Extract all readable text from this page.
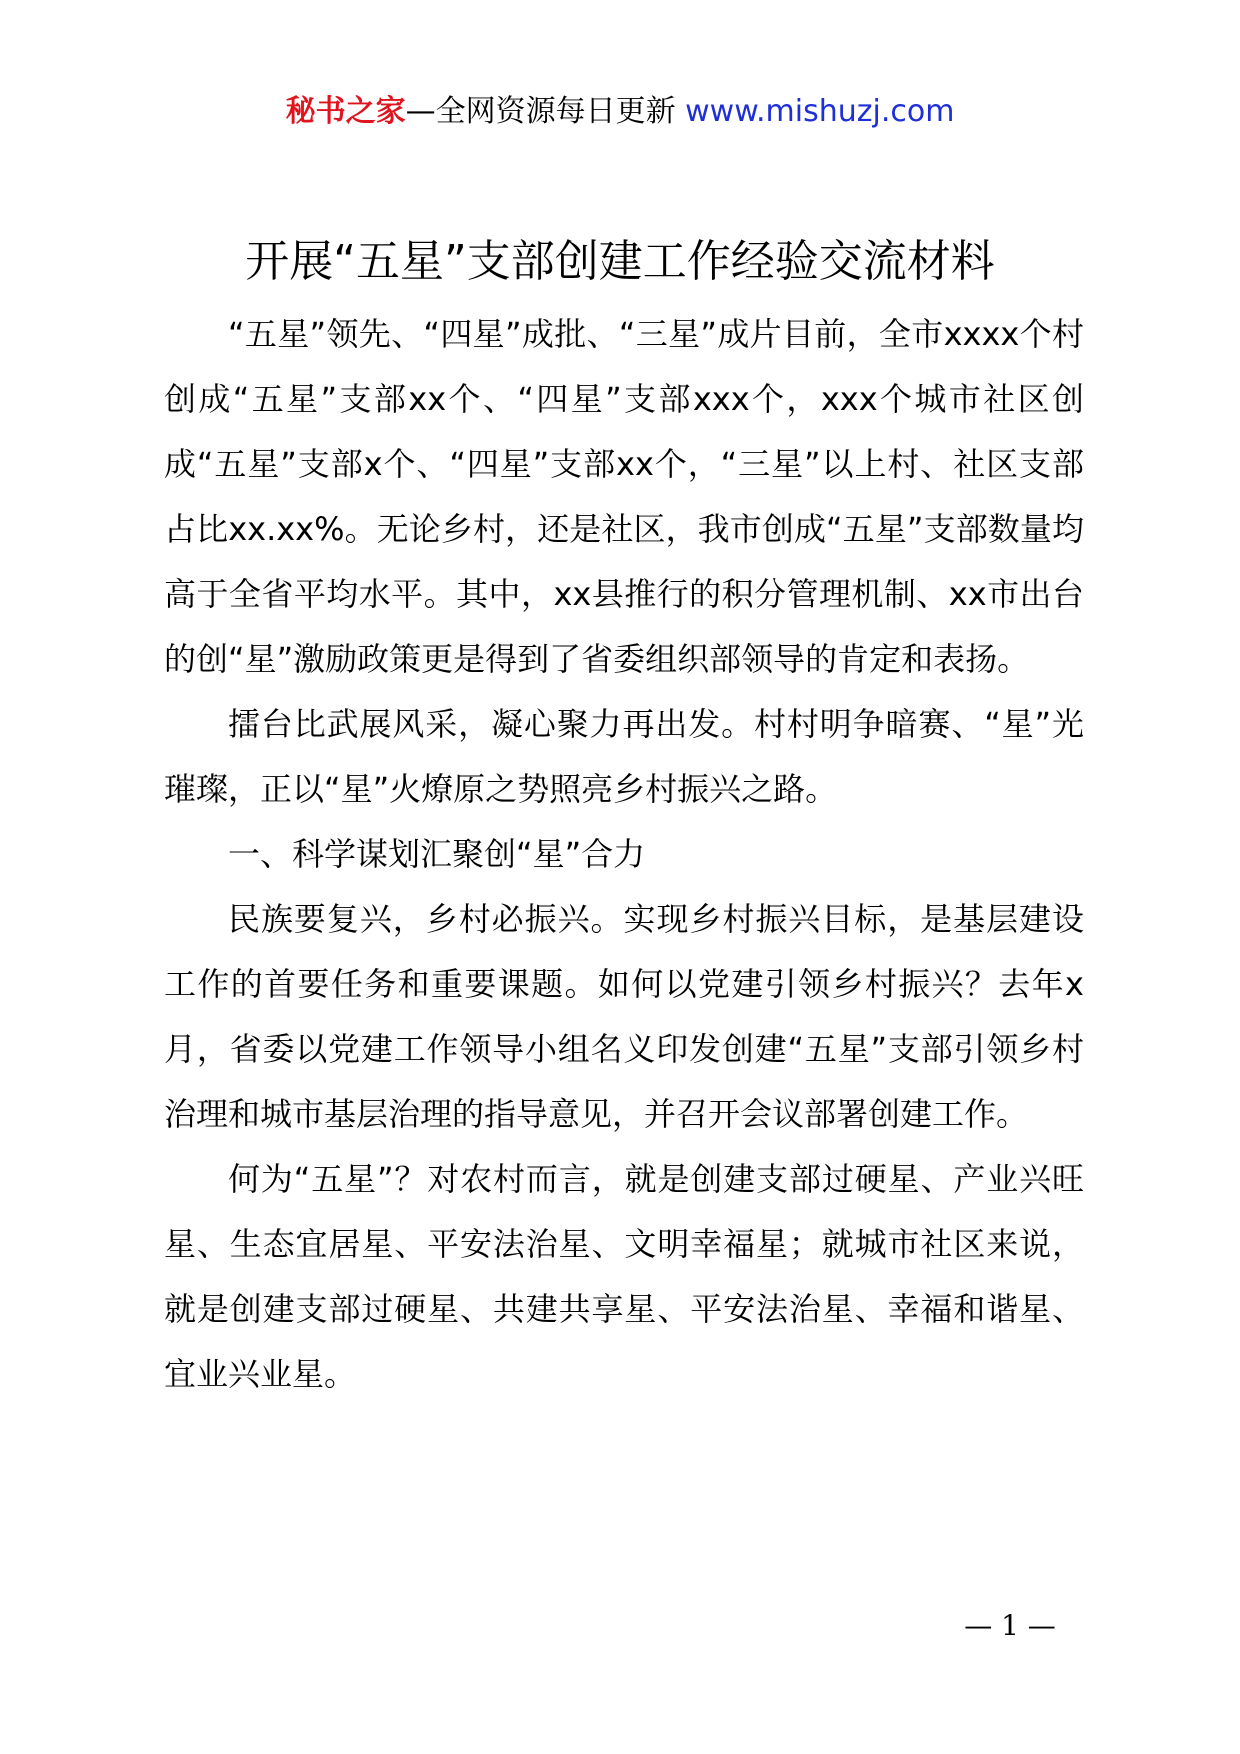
秘书之家—全网资源每日更新 www.mishuzj.com
开展“五星”支部创建工作经验交流材料

“五星”领先、“四星”成批、“三星”成片目前，全市xxxx个村创成“五星”支部xx个、“四星”支部xxx个，xxx个城市社区创成“五星”支部x个、“四星”支部xx个，“三星”以上村、社区支部占比xx.xx%。无论乡村，还是社区，我市创成“五星”支部数量均高于全省平均水平。其中，xx县推行的积分管理机制、xx市出台的创“星”激励政策更是得到了省委组织部领导的肯定和表扬。

擂台比武展风采，凝心聚力再出发。村村明争暗赛、“星”光璀璨，正以“星”火燎原之势照亮乡村振兴之路。

一、科学谋划汇聚创“星”合力

民族要复兴，乡村必振兴。实现乡村振兴目标，是基层建设工作的首要任务和重要课题。如何以党建引领乡村振兴？去年x月，省委以党建工作领导小组名义印发创建“五星”支部引领乡村治理和城市基层治理的指导意见，并召开会议部署创建工作。

何为“五星”？对农村而言，就是创建支部过硬星、产业兴旺星、生态宜居星、平安法治星、文明幸福星；就城市社区来说，就是创建支部过硬星、共建共享星、平安法治星、幸福和谐星、宜业兴业星。

— 1 —
